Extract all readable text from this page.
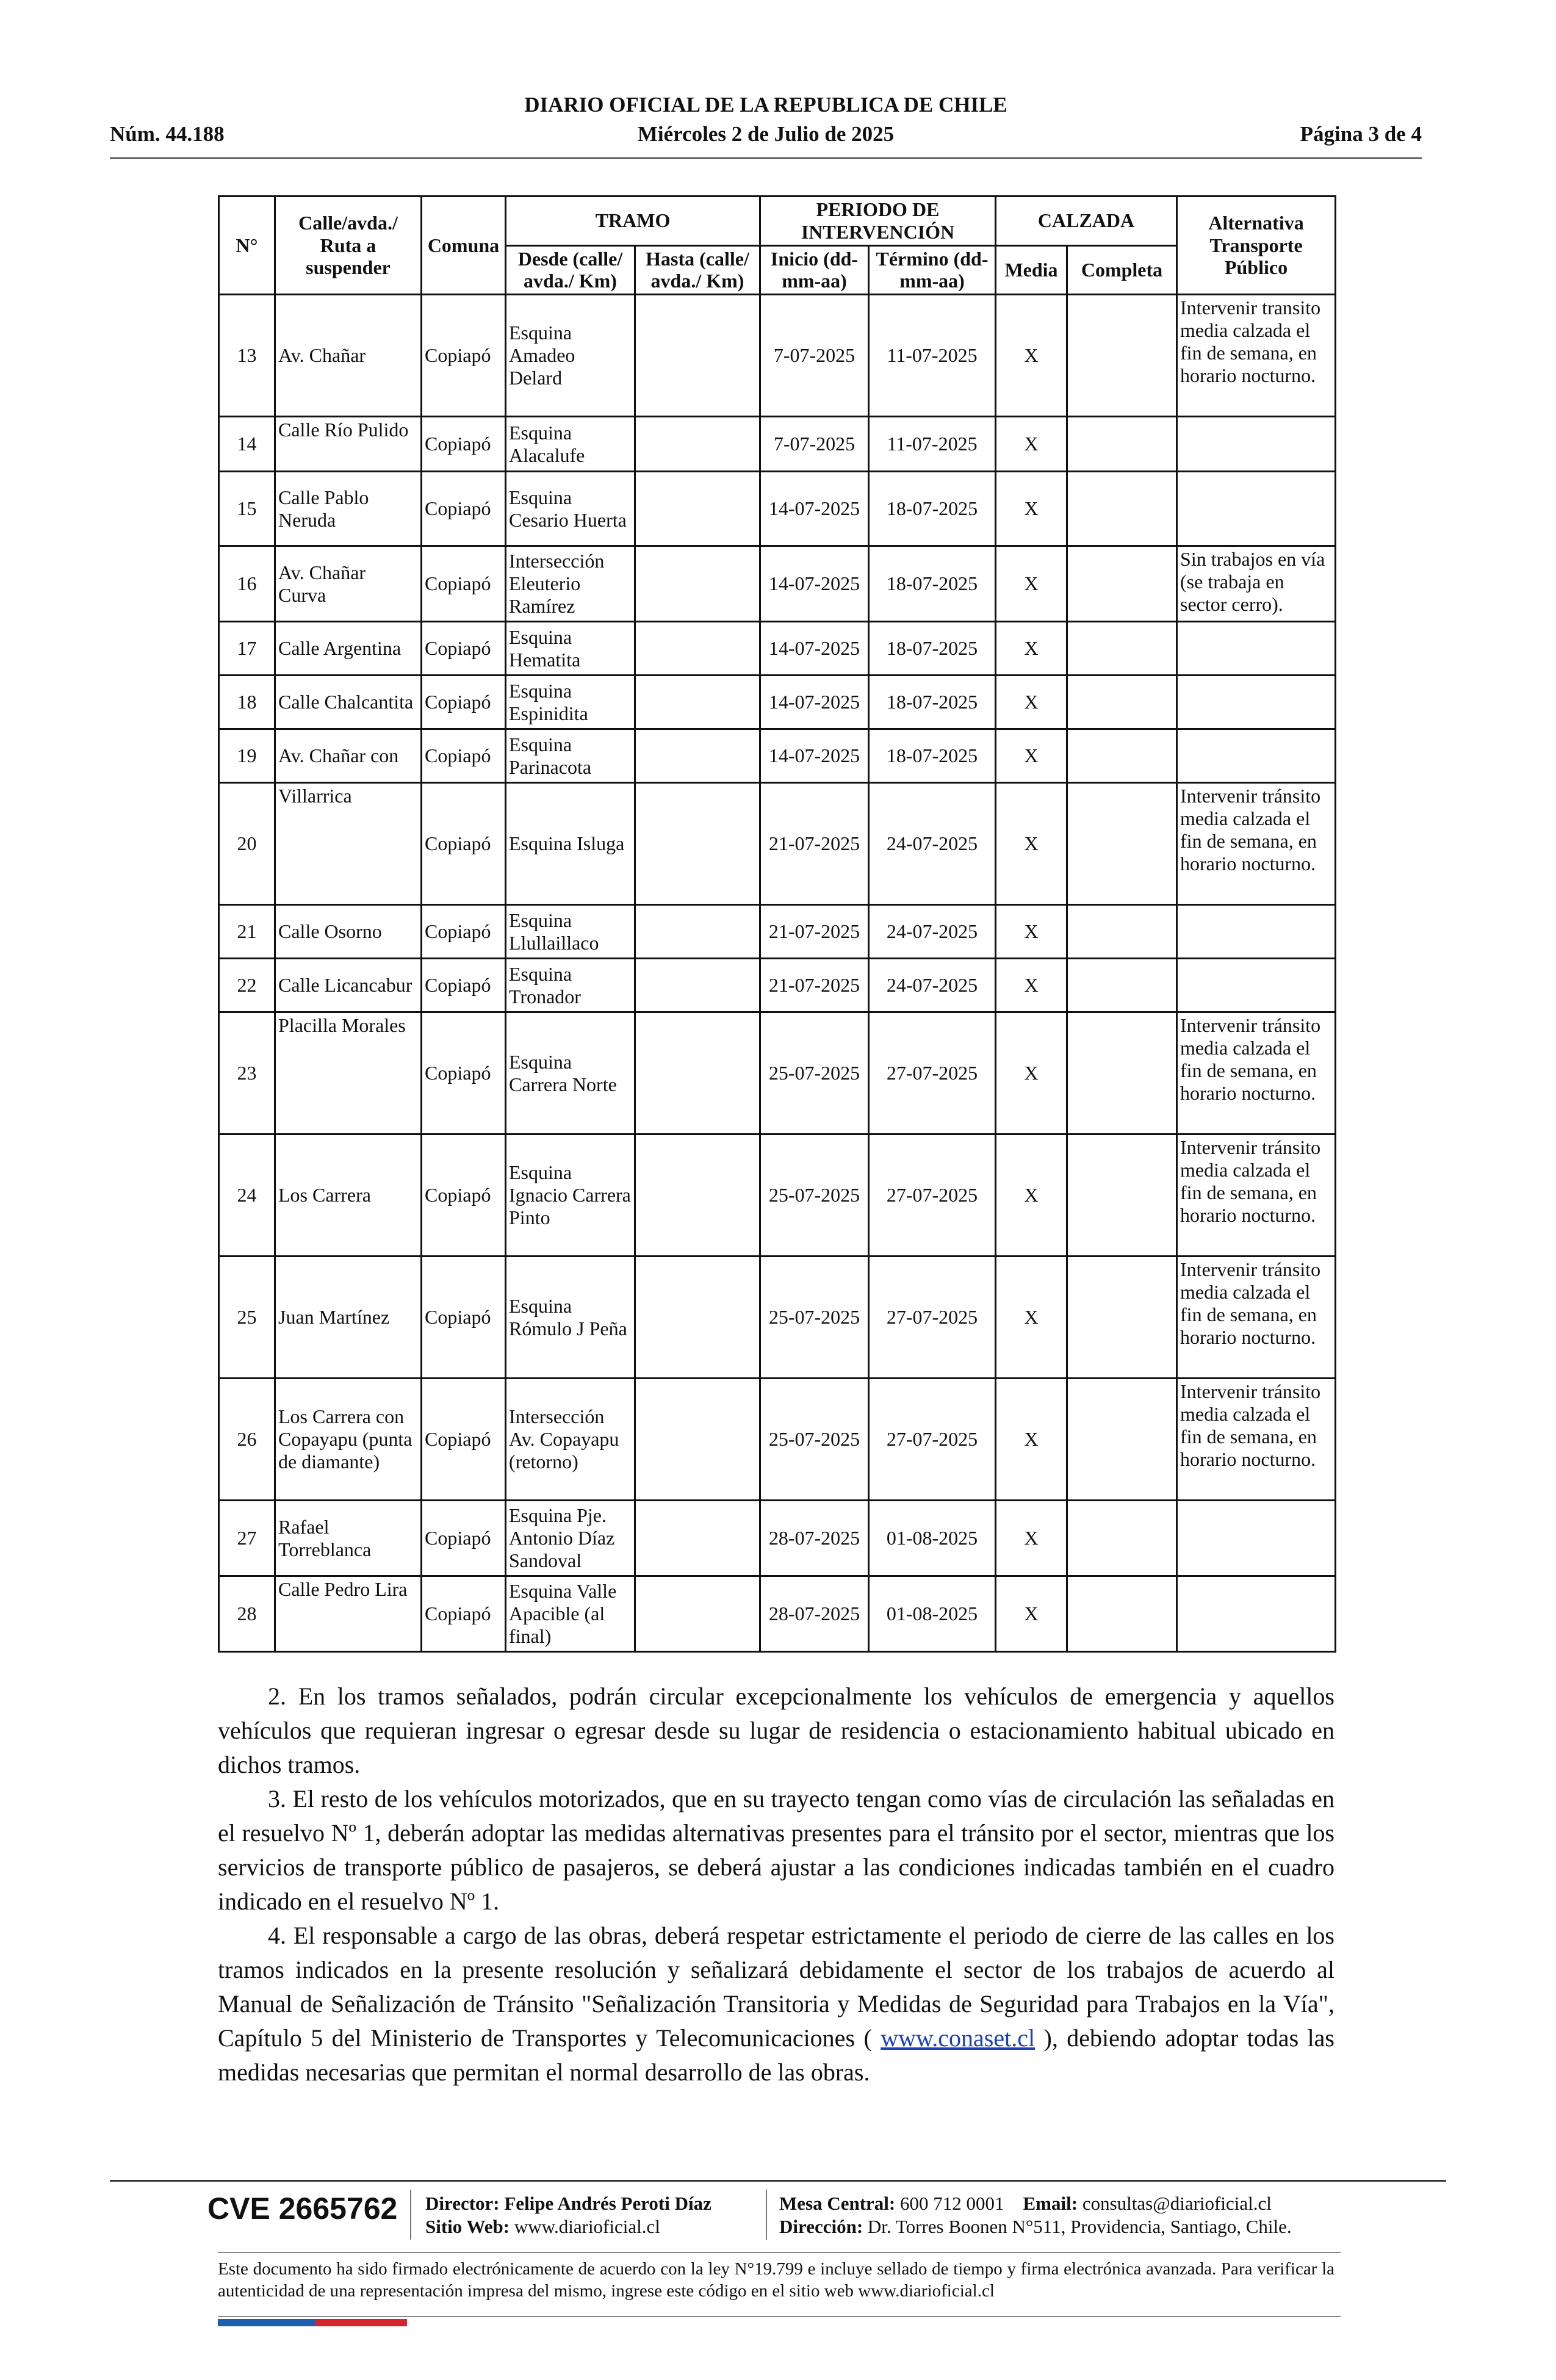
DIARIO OFICIAL DE LA REPUBLICA DE CHILE
Núm. 44.188	Miércoles 2 de Julio de 2025	Página 3 de 4
N°	Calle/avda./ Ruta a suspender	Comuna	TRAMO		PERIODO DE INTERVENCIÓN		CALZADA		Alternativa Transporte Público
			Desde (calle/ avda./ Km)	Hasta (calle/ avda./ Km)	Inicio (dd-mm-aa)	Término (dd-mm-aa)	Media	Completa	

13	Av. Chañar	Copiapó	Esquina Amadeo Delard		7-07-2025	11-07-2025	X		Intervenir transito media calzada el fin de semana, en horario nocturno.
14	Calle Río Pulido	Copiapó	Esquina Alacalufe		7-07-2025	11-07-2025	X		
15	Calle Pablo Neruda	Copiapó	Esquina Cesario Huerta		14-07-2025	18-07-2025	X		
16	Av. Chañar Curva	Copiapó	Intersección Eleuterio Ramírez		14-07-2025	18-07-2025	X		Sin trabajos en vía (se trabaja en sector cerro).
17	Calle Argentina	Copiapó	Esquina Hematita		14-07-2025	18-07-2025	X		
18	Calle Chalcantita	Copiapó	Esquina Espinidita		14-07-2025	18-07-2025	X		
19	Av. Chañar con	Copiapó	Esquina Parinacota		14-07-2025	18-07-2025	X		
20	Villarrica	Copiapó	Esquina Isluga		21-07-2025	24-07-2025	X		Intervenir tránsito media calzada el fin de semana, en horario nocturno.
21	Calle Osorno	Copiapó	Esquina Llullaillaco		21-07-2025	24-07-2025	X		
22	Calle Licancabur	Copiapó	Esquina Tronador		21-07-2025	24-07-2025	X		
23	Placilla Morales	Copiapó	Esquina Carrera Norte		25-07-2025	27-07-2025	X		Intervenir tránsito media calzada el fin de semana, en horario nocturno.
24	Los Carrera	Copiapó	Esquina Ignacio Carrera Pinto		25-07-2025	27-07-2025	X		Intervenir tránsito media calzada el fin de semana, en horario nocturno.
25	Juan Martínez	Copiapó	Esquina Rómulo J Peña		25-07-2025	27-07-2025	X		Intervenir tránsito media calzada el fin de semana, en horario nocturno.
26	Los Carrera con Copayapu (punta de diamante)	Copiapó	Intersección Av. Copayapu (retorno)		25-07-2025	27-07-2025	X		Intervenir tránsito media calzada el fin de semana, en horario nocturno.
27	Rafael Torreblanca	Copiapó	Esquina Pje. Antonio Díaz Sandoval		28-07-2025	01-08-2025	X		
28	Calle Pedro Lira	Copiapó	Esquina Valle Apacible (al final)		28-07-2025	01-08-2025	X		

2. En los tramos señalados, podrán circular excepcionalmente los vehículos de emergencia y aquellos vehículos que requieran ingresar o egresar desde su lugar de residencia o estacionamiento habitual ubicado en dichos tramos.

3. El resto de los vehículos motorizados, que en su trayecto tengan como vías de circulación las señaladas en el resuelvo Nº 1, deberán adoptar las medidas alternativas presentes para el tránsito por el sector, mientras que los servicios de transporte público de pasajeros, se deberá ajustar a las condiciones indicadas también en el cuadro indicado en el resuelvo Nº 1.

4. El responsable a cargo de las obras, deberá respetar estrictamente el periodo de cierre de las calles en los tramos indicados en la presente resolución y señalizará debidamente el sector de los trabajos de acuerdo al Manual de Señalización de Tránsito "Señalización Transitoria y Medidas de Seguridad para Trabajos en la Vía", Capítulo 5 del Ministerio de Transportes y Telecomunicaciones ( www.conaset.cl ), debiendo adoptar todas las medidas necesarias que permitan el normal desarrollo de las obras.

CVE 2665762 Director: Felipe Andrés Peroti Díaz
Sitio Web: www.diarioficial.cl
Mesa Central: 600 712 0001 Email: consultas@diarioficial.cl
Dirección: Dr. Torres Boonen N°511, Providencia, Santiago, Chile.
Este documento ha sido firmado electrónicamente de acuerdo con la ley N°19.799 e incluye sellado de tiempo y firma electrónica avanzada. Para verificar la autenticidad de una representación impresa del mismo, ingrese este código en el sitio web www.diarioficial.cl
